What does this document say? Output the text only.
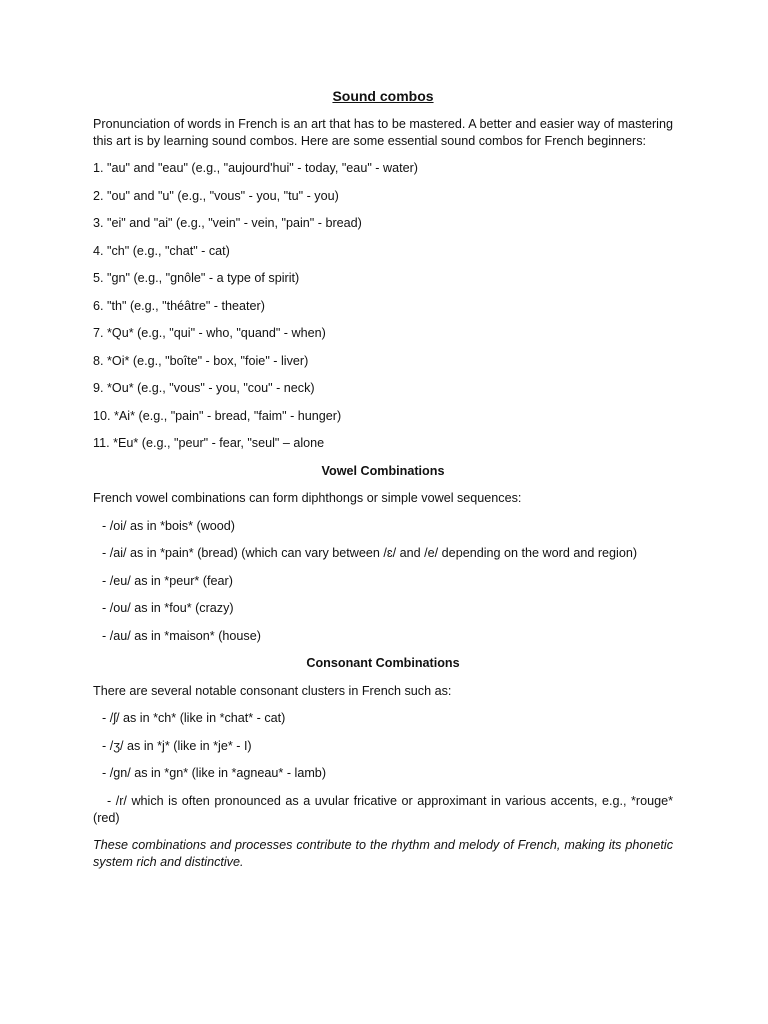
Sound combos
Pronunciation of words in French is an art that has to be mastered. A better and easier way of mastering this art is by learning sound combos. Here are some essential sound combos for French beginners:
1. "au" and "eau" (e.g., "aujourd'hui" - today, "eau" - water)
2. "ou" and "u" (e.g., "vous" - you, "tu" - you)
3. "ei" and "ai" (e.g., "vein" - vein, "pain" - bread)
4. "ch" (e.g., "chat" - cat)
5. "gn" (e.g., "gnôle" - a type of spirit)
6. "th" (e.g., "théâtre" - theater)
7. *Qu* (e.g., "qui" - who, "quand" - when)
8. *Oi* (e.g., "boîte" - box, "foie" - liver)
9. *Ou* (e.g., "vous" - you, "cou" - neck)
10. *Ai* (e.g., "pain" - bread, "faim" - hunger)
11. *Eu* (e.g., "peur" - fear, "seul" – alone
Vowel Combinations
French vowel combinations can form diphthongs or simple vowel sequences:
- /oi/ as in *bois* (wood)
- /ai/ as in *pain* (bread) (which can vary between /ɛ/ and /e/ depending on the word and region)
- /eu/ as in *peur* (fear)
- /ou/ as in *fou* (crazy)
- /au/ as in *maison* (house)
Consonant Combinations
There are several notable consonant clusters in French such as:
- /ʃ/ as in *ch* (like in *chat* - cat)
- /ʒ/ as in *j* (like in *je* - I)
- /gn/ as in *gn* (like in *agneau* - lamb)
- /r/ which is often pronounced as a uvular fricative or approximant in various accents, e.g., *rouge* (red)
These combinations and processes contribute to the rhythm and melody of French, making its phonetic system rich and distinctive.
